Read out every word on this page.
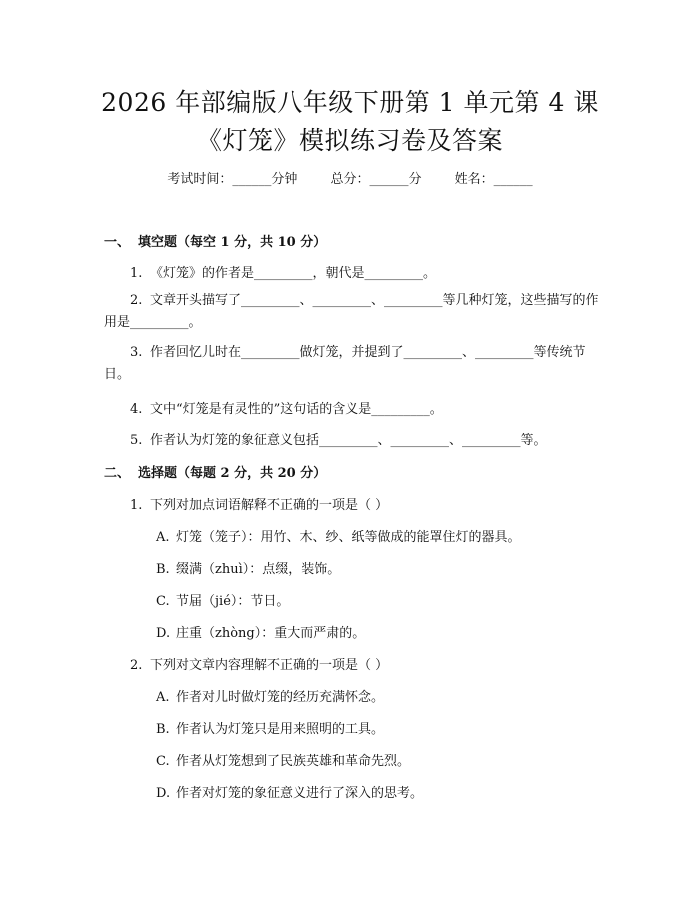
2026 年部编版八年级下册第 1 单元第 4 课
《灯笼》模拟练习卷及答案
考试时间：______分钟	总分：______分	姓名：______
一、 填空题（每空 1 分，共 10 分）
1. 《灯笼》的作者是_________，朝代是_________。
2. 文章开头描写了_________、_________、_________等几种灯笼，这些描写的作用是_________。
3. 作者回忆儿时在_________做灯笼，并提到了_________、_________等传统节日。
4. 文中“灯笼是有灵性的”这句话的含义是_________。
5. 作者认为灯笼的象征意义包括_________、_________、_________等。
二、 选择题（每题 2 分，共 20 分）
1. 下列对加点词语解释不正确的一项是（ ）
A. 灯笼（笼子）：用竹、木、纱、纸等做成的能罩住灯的器具。
B. 缀满（zhuì）：点缀，装饰。
C. 节届（jié）：节日。
D. 庄重（zhòng）：重大而严肃的。
2. 下列对文章内容理解不正确的一项是（ ）
A. 作者对儿时做灯笼的经历充满怀念。
B. 作者认为灯笼只是用来照明的工具。
C. 作者从灯笼想到了民族英雄和革命先烈。
D. 作者对灯笼的象征意义进行了深入的思考。
